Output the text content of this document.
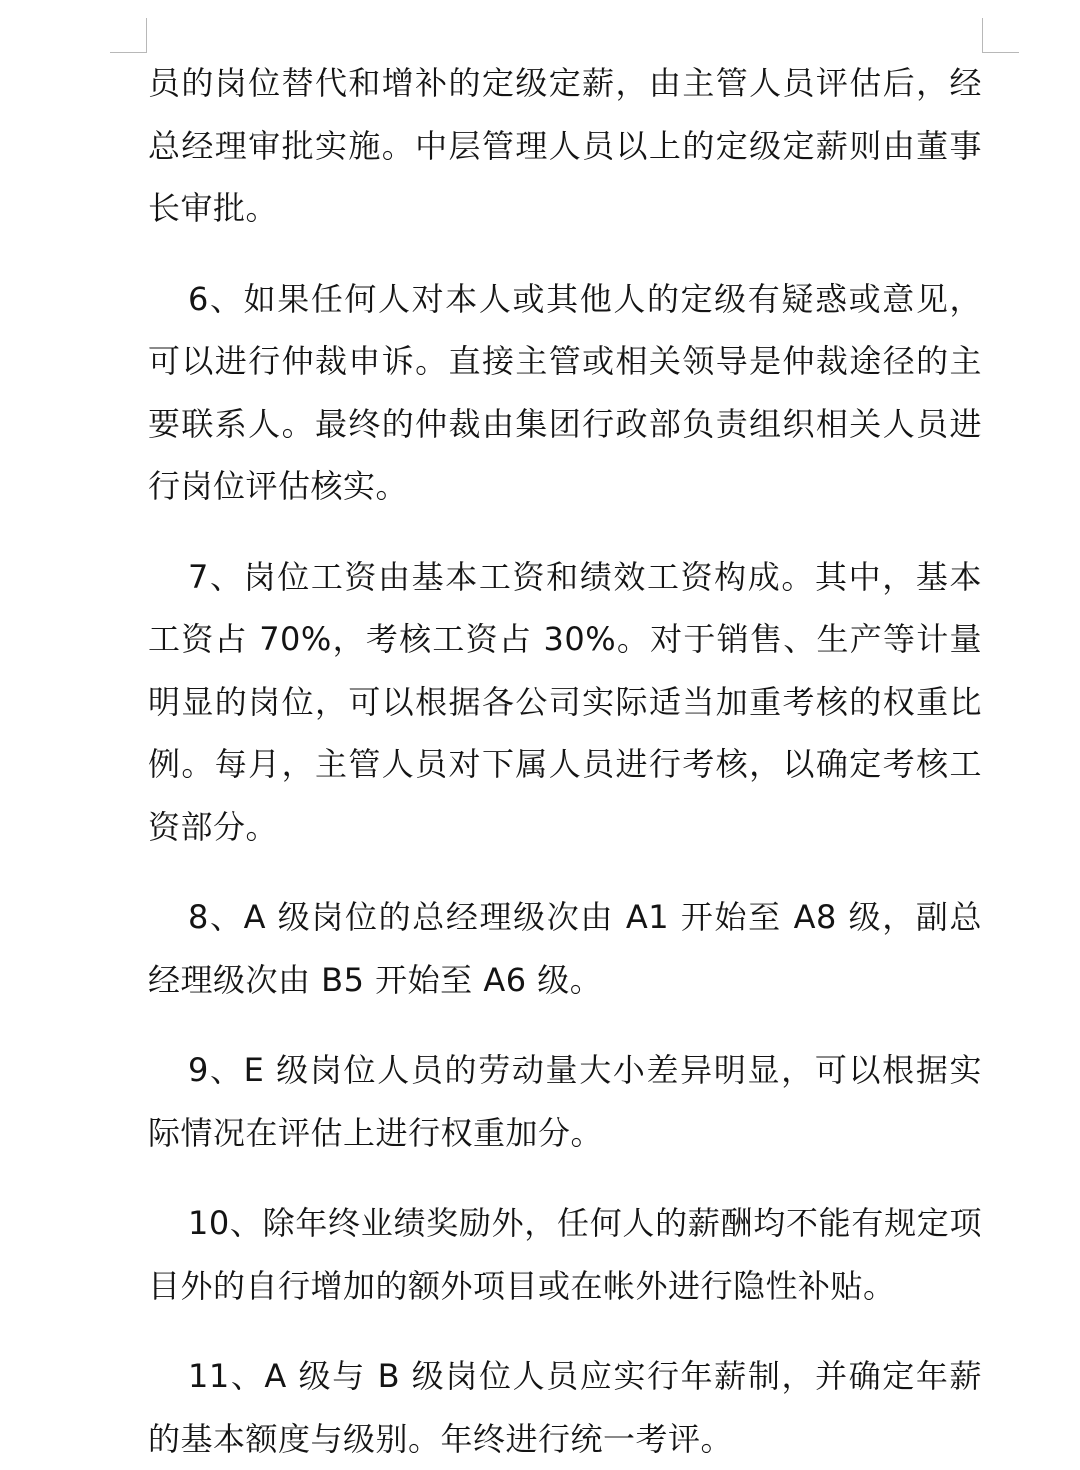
员的岗位替代和增补的定级定薪，由主管人员评估后，经总经理审批实施。中层管理人员以上的定级定薪则由董事长审批。

6、如果任何人对本人或其他人的定级有疑惑或意见，可以进行仲裁申诉。直接主管或相关领导是仲裁途径的主要联系人。最终的仲裁由集团行政部负责组织相关人员进行岗位评估核实。

7、岗位工资由基本工资和绩效工资构成。其中，基本工资占 70%，考核工资占 30%。对于销售、生产等计量明显的岗位，可以根据各公司实际适当加重考核的权重比例。每月，主管人员对下属人员进行考核，以确定考核工资部分。

8、A 级岗位的总经理级次由 A1 开始至 A8 级，副总经理级次由 B5 开始至 A6 级。

9、E 级岗位人员的劳动量大小差异明显，可以根据实际情况在评估上进行权重加分。

10、除年终业绩奖励外，任何人的薪酬均不能有规定项目外的自行增加的额外项目或在帐外进行隐性补贴。

11、A 级与 B 级岗位人员应实行年薪制，并确定年薪的基本额度与级别。年终进行统一考评。
